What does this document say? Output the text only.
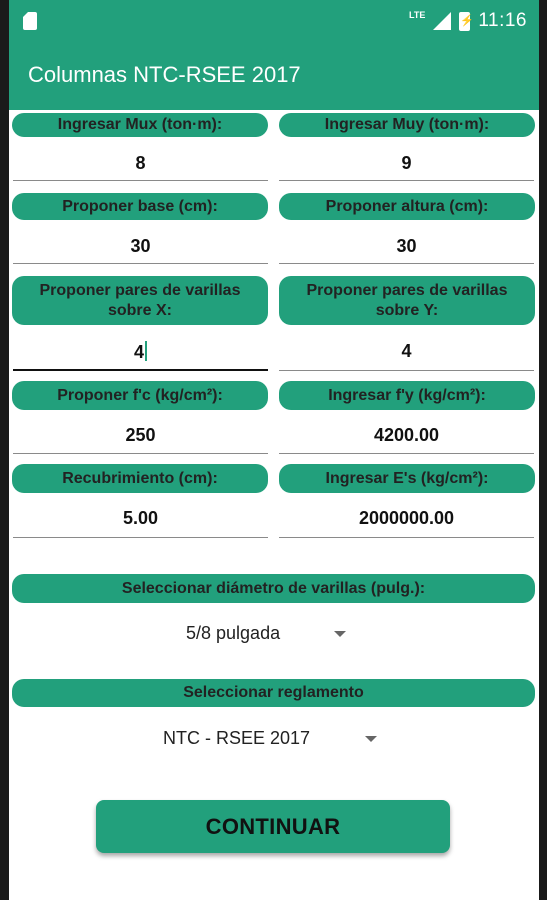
LTE ⚡	11:16
Columnas NTC-RSEE 2017
Ingresar Mux (ton·m):	Ingresar Muy (ton·m):
8	9
Proponer base (cm):	Proponer altura (cm):
30	30
Proponer pares de varillas
sobre X:
Proponer pares de varillas
sobre Y:
4	4
Proponer f'c (kg/cm²):	Ingresar f'y (kg/cm²):
250	4200.00
Recubrimiento (cm):	Ingresar E's (kg/cm²):
5.00	2000000.00
Seleccionar diámetro de varillas (pulg.):
5/8 pulgada
Seleccionar reglamento
NTC - RSEE 2017
CONTINUAR
